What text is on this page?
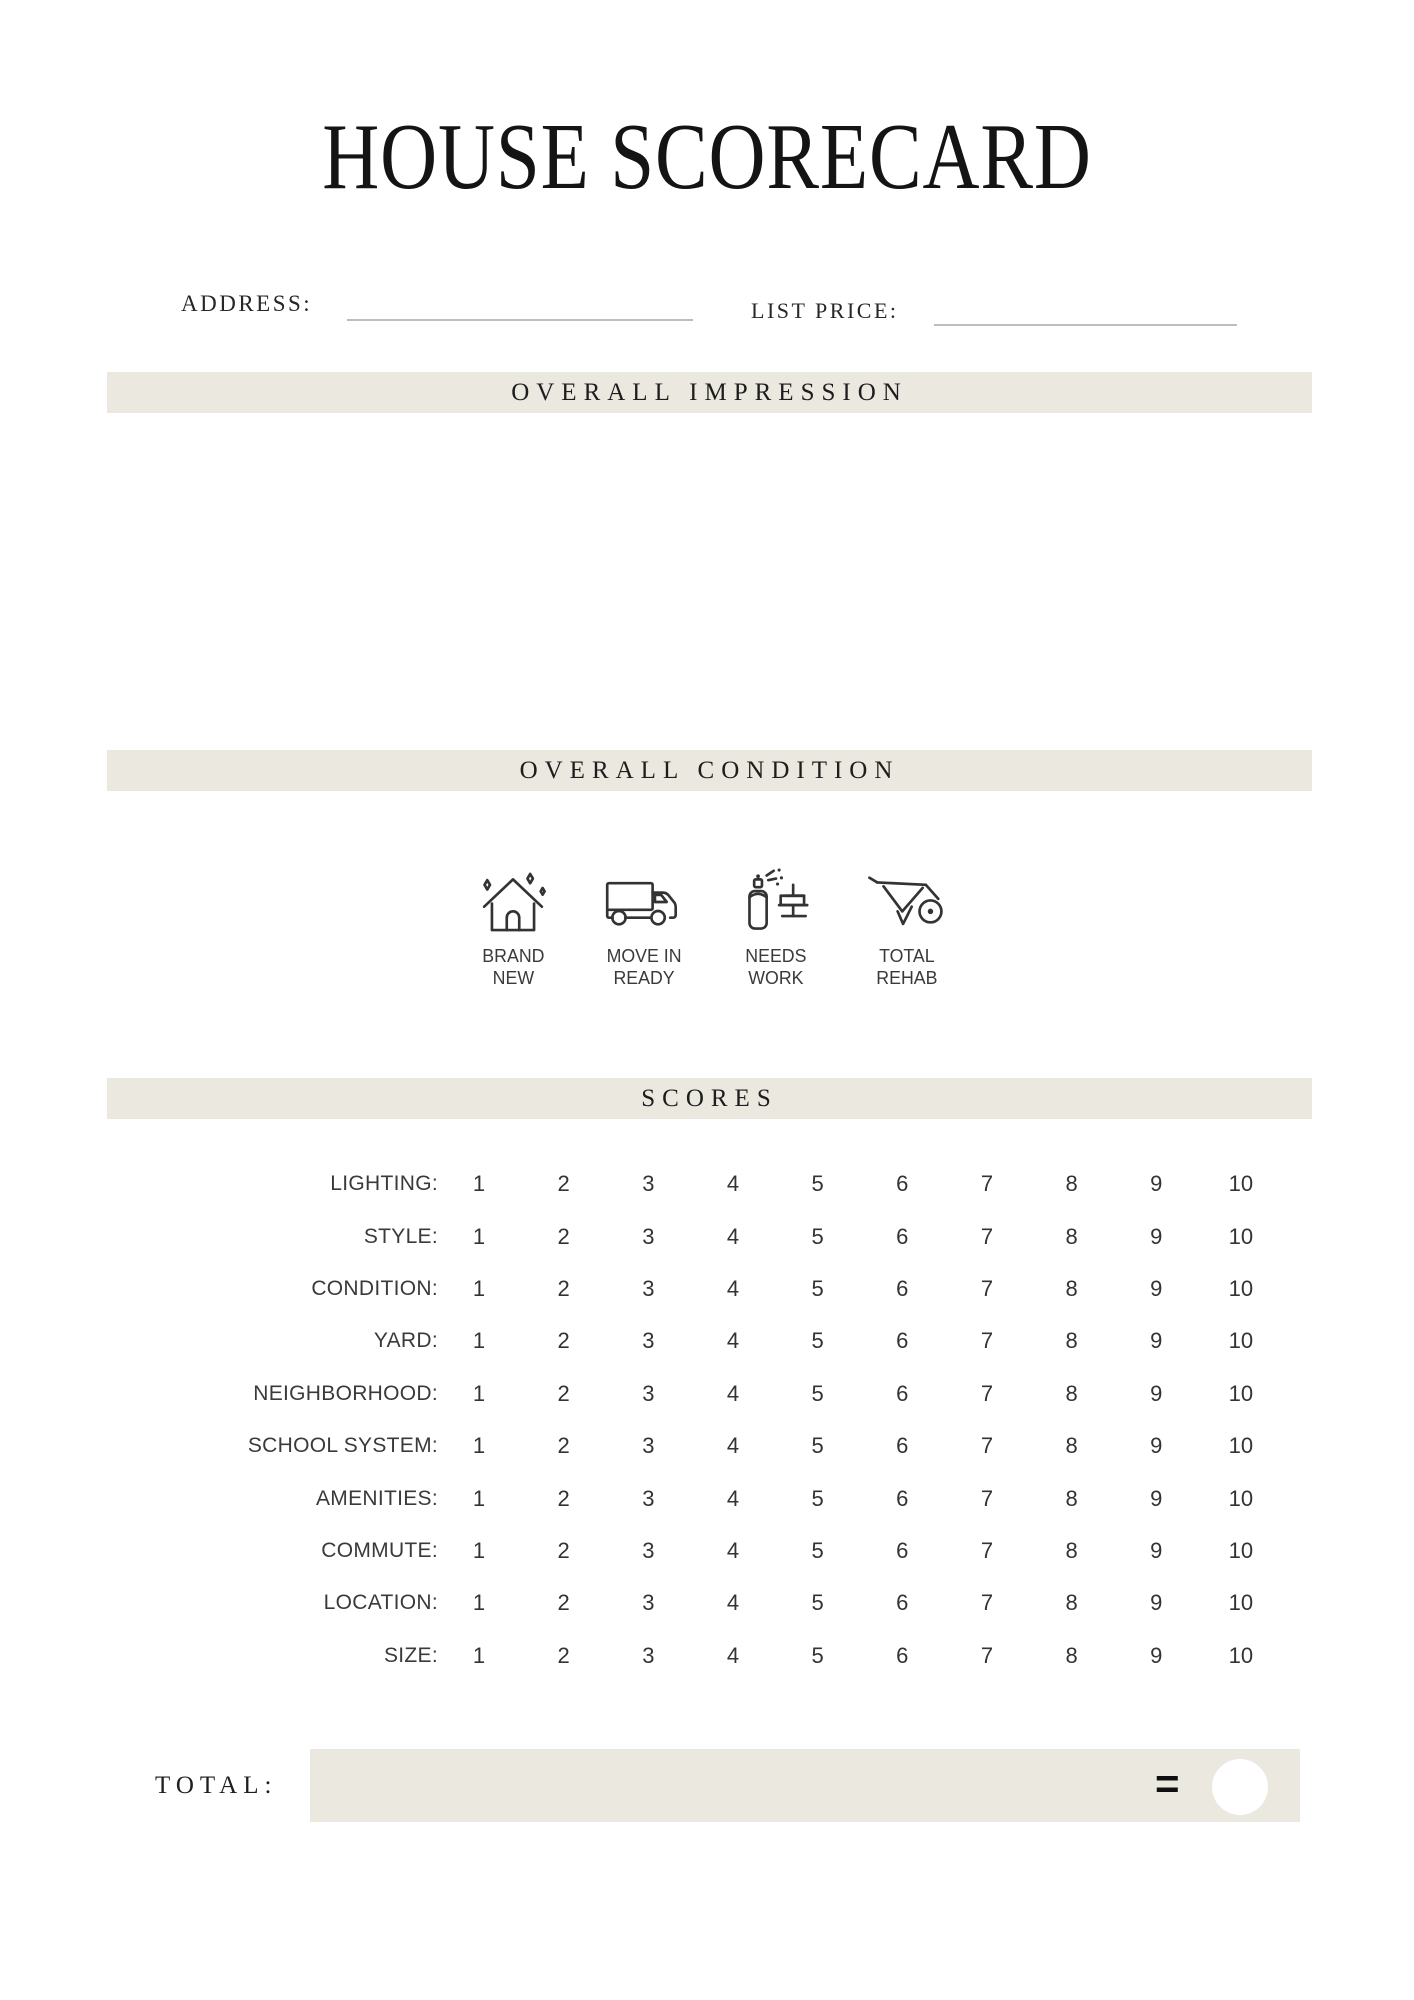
HOUSE SCORECARD
ADDRESS:	LIST PRICE:
OVERALL IMPRESSION
OVERALL CONDITION
BRAND
NEW
MOVE IN
READY
NEEDS
WORK
TOTAL
REHAB
SCORES
LIGHTING:	1	2	3	4	5	6	7	8	9	10
STYLE:	1	2	3	4	5	6	7	8	9	10
CONDITION:	1	2	3	4	5	6	7	8	9	10
YARD:	1	2	3	4	5	6	7	8	9	10
NEIGHBORHOOD:	1	2	3	4	5	6	7	8	9	10
SCHOOL SYSTEM:	1	2	3	4	5	6	7	8	9	10
AMENITIES:	1	2	3	4	5	6	7	8	9	10
COMMUTE:	1	2	3	4	5	6	7	8	9	10
LOCATION:	1	2	3	4	5	6	7	8	9	10
SIZE:	1	2	3	4	5	6	7	8	9	10
TOTAL:	=
